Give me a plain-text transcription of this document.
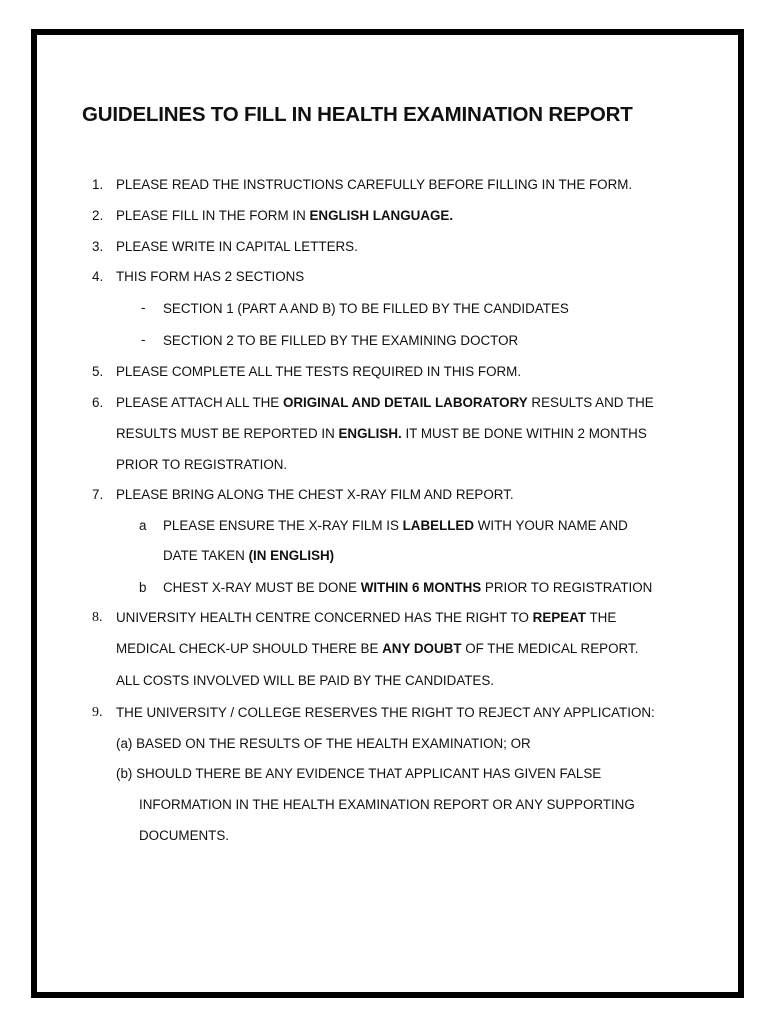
GUIDELINES TO FILL IN HEALTH EXAMINATION REPORT
1. PLEASE READ THE INSTRUCTIONS CAREFULLY BEFORE FILLING IN THE FORM.
2. PLEASE FILL IN THE FORM IN ENGLISH LANGUAGE.
3. PLEASE WRITE IN CAPITAL LETTERS.
4. THIS FORM HAS 2 SECTIONS
- SECTION 1 (PART A AND B) TO BE FILLED BY THE CANDIDATES
- SECTION 2 TO BE FILLED BY THE EXAMINING DOCTOR
5. PLEASE COMPLETE ALL THE TESTS REQUIRED IN THIS FORM.
6. PLEASE ATTACH ALL THE ORIGINAL AND DETAIL LABORATORY RESULTS AND THE
RESULTS MUST BE REPORTED IN ENGLISH. IT MUST BE DONE WITHIN 2 MONTHS
PRIOR TO REGISTRATION.
7. PLEASE BRING ALONG THE CHEST X-RAY FILM AND REPORT.
a PLEASE ENSURE THE X-RAY FILM IS LABELLED WITH YOUR NAME AND
DATE TAKEN (IN ENGLISH)
b CHEST X-RAY MUST BE DONE WITHIN 6 MONTHS PRIOR TO REGISTRATION
8. UNIVERSITY HEALTH CENTRE CONCERNED HAS THE RIGHT TO REPEAT THE
MEDICAL CHECK-UP SHOULD THERE BE ANY DOUBT OF THE MEDICAL REPORT.
ALL COSTS INVOLVED WILL BE PAID BY THE CANDIDATES.
9. THE UNIVERSITY / COLLEGE RESERVES THE RIGHT TO REJECT ANY APPLICATION:
(a) BASED ON THE RESULTS OF THE HEALTH EXAMINATION; OR
(b) SHOULD THERE BE ANY EVIDENCE THAT APPLICANT HAS GIVEN FALSE
INFORMATION IN THE HEALTH EXAMINATION REPORT OR ANY SUPPORTING
DOCUMENTS.
